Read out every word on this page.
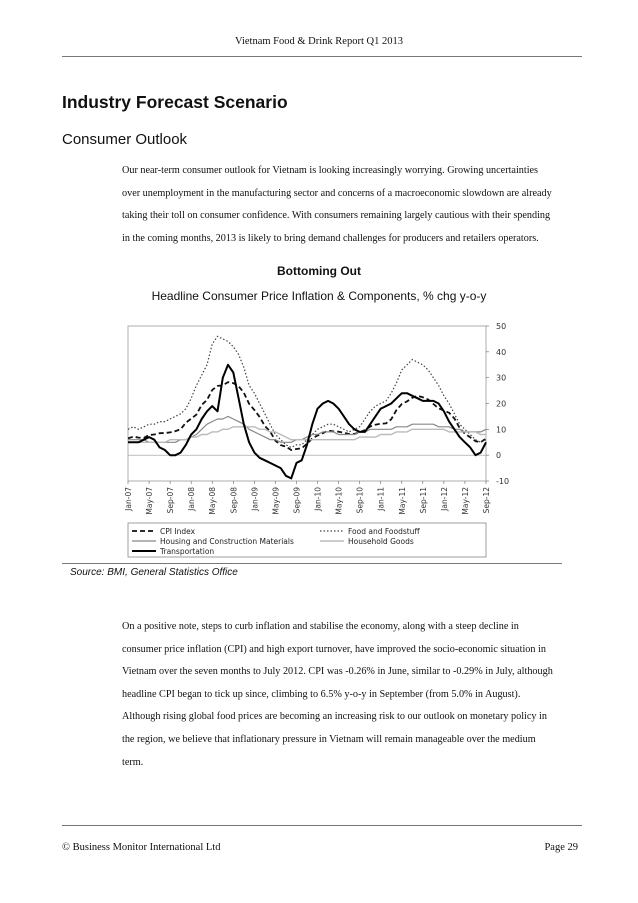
Vietnam Food & Drink Report Q1 2013
Industry Forecast Scenario
Consumer Outlook

Our near-term consumer outlook for Vietnam is looking increasingly worrying. Growing uncertainties
over unemployment in the manufacturing sector and concerns of a macroeconomic slowdown are already
taking their toll on consumer confidence. With consumers remaining largely cautious with their spending
in the coming months, 2013 is likely to bring demand challenges for producers and retailers operators.

Bottoming Out
Headline Consumer Price Inflation & Components, % chg y-o-y
-10
0
10
20
30
40
50
Jan-07 May-07 Sep-07 Jan-08 May-08 Sep-08 Jan-09 May-09 Sep-09 Jan-10 May-10 Sep-10 Jan-11 May-11 Sep-11 Jan-12 May-12 Sep-12
CPI Index	Food and Foodstuff
Housing and Construction Materials	Household Goods
Transportation
Source: BMI, General Statistics Office

On a positive note, steps to curb inflation and stabilise the economy, along with a steep decline in
consumer price inflation (CPI) and high export turnover, have improved the socio-economic situation in
Vietnam over the seven months to July 2012. CPI was -0.26% in June, similar to -0.29% in July, although
headline CPI began to tick up since, climbing to 6.5% y-o-y in September (from 5.0% in August).
Although rising global food prices are becoming an increasing risk to our outlook on monetary policy in
the region, we believe that inflationary pressure in Vietnam will remain manageable over the medium
term.

© Business Monitor International Ltd	Page 29
